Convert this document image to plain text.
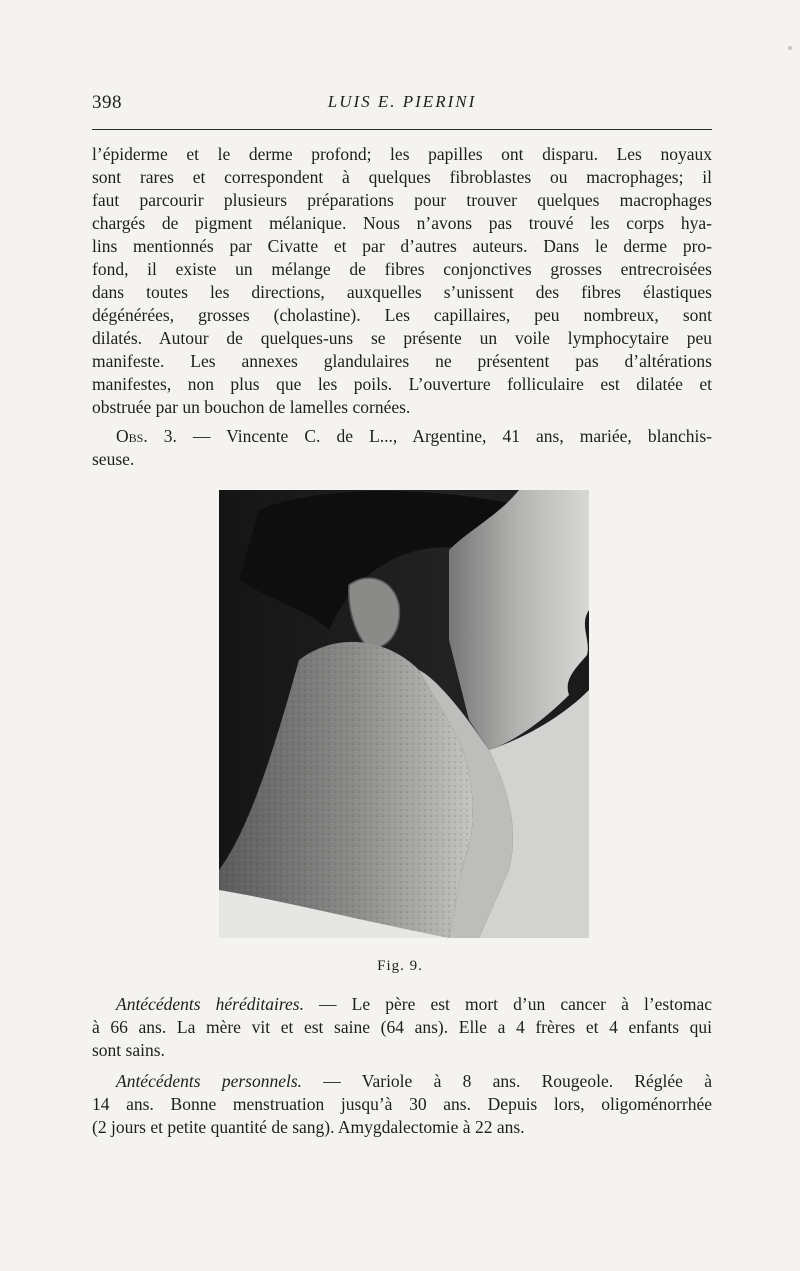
398	LUIS E. PIERINI

l’épiderme et le derme profond; les papilles ont disparu. Les noyaux
sont rares et correspondent à quelques fibroblastes ou macrophages; il
faut parcourir plusieurs préparations pour trouver quelques macrophages
chargés de pigment mélanique. Nous n’avons pas trouvé les corps hya-
lins mentionnés par Civatte et par d’autres auteurs. Dans le derme pro-
fond, il existe un mélange de fibres conjonctives grosses entrecroisées
dans toutes les directions, auxquelles s’unissent des fibres élastiques
dégénérées, grosses (cholastine). Les capillaires, peu nombreux, sont
dilatés. Autour de quelques-uns se présente un voile lymphocytaire peu
manifeste. Les annexes glandulaires ne présentent pas d’altérations
manifestes, non plus que les poils. L’ouverture folliculaire est dilatée et
obstruée par un bouchon de lamelles cornées.

Obs. 3. — Vincente C. de L..., Argentine, 41 ans, mariée, blanchis-
seuse.

Fig. 9.

Antécédents héréditaires. — Le père est mort d’un cancer à l’estomac
à 66 ans. La mère vit et est saine (64 ans). Elle a 4 frères et 4 enfants qui
sont sains.

Antécédents personnels. — Variole à 8 ans. Rougeole. Réglée à
14 ans. Bonne menstruation jusqu’à 30 ans. Depuis lors, oligoménorrhée
(2 jours et petite quantité de sang). Amygdalectomie à 22 ans.
